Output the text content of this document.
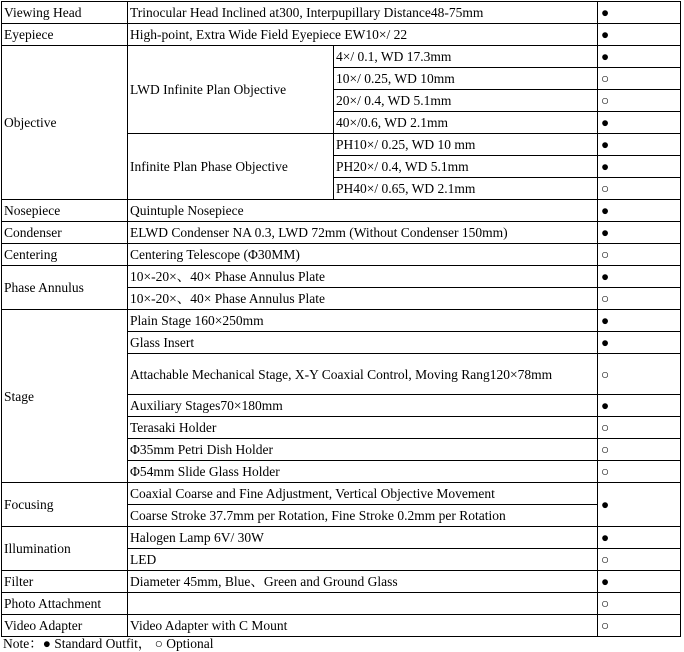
Viewing Head	Trinocular Head Inclined at300, Interpupillary Distance48-75mm		●
Eyepiece	High-point, Extra Wide Field Eyepiece EW10×/ 22		●
Objective	LWD Infinite Plan Objective	4×/ 0.1, WD 17.3mm	●
		10×/ 0.25, WD 10mm	○
		20×/ 0.4, WD 5.1mm	○
		40×/0.6, WD 2.1mm	●
	Infinite Plan Phase Objective	PH10×/ 0.25, WD 10 mm	●
		PH20×/ 0.4, WD 5.1mm	●
		PH40×/ 0.65, WD 2.1mm	○
Nosepiece	Quintuple Nosepiece		●
Condenser	ELWD Condenser NA 0.3, LWD 72mm (Without Condenser 150mm)		●
Centering	Centering Telescope (Φ30MM)		○
Phase Annulus	10×-20×、40× Phase Annulus Plate		●
	10×-20×、40× Phase Annulus Plate		○
Stage	Plain Stage 160×250mm		●
	Glass Insert		●
	Attachable Mechanical Stage, X-Y Coaxial Control, Moving Rang120×78mm		○
	Auxiliary Stages70×180mm		●
	Terasaki Holder		○
	Φ35mm Petri Dish Holder		○
	Φ54mm Slide Glass Holder		○
Focusing	Coaxial Coarse and Fine Adjustment, Vertical Objective Movement		●
	Coarse Stroke 37.7mm per Rotation, Fine Stroke 0.2mm per Rotation		
Illumination	Halogen Lamp 6V/ 30W		●
	LED		○
Filter	Diameter 45mm, Blue、Green and Ground Glass		●
Photo Attachment			○
Video Adapter	Video Adapter with C Mount		○
Note：● Standard Outfit， ○ Optional
